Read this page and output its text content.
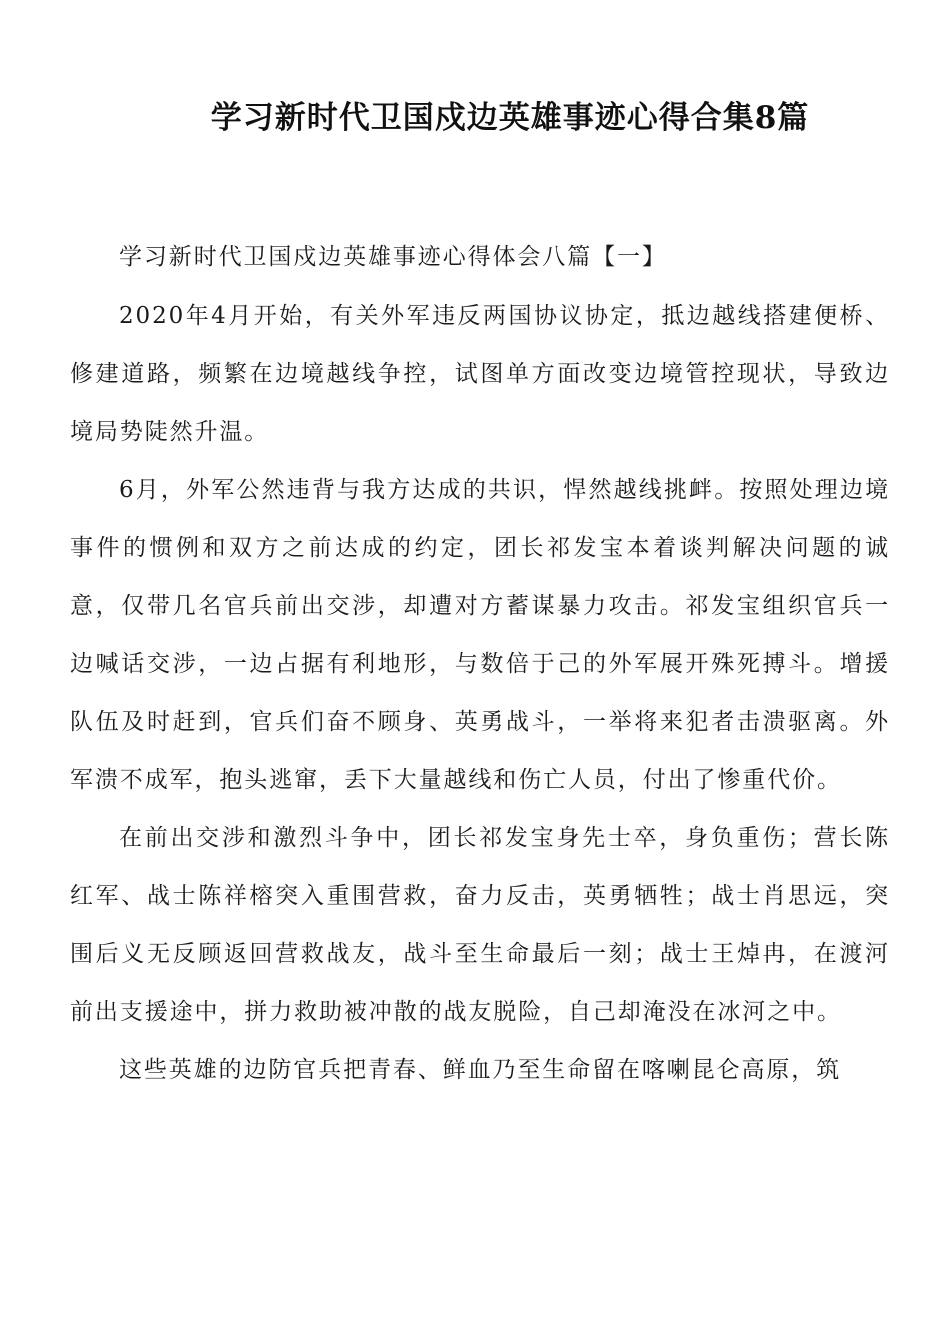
学习新时代卫国戍边英雄事迹心得合集8篇

学习新时代卫国戍边英雄事迹心得体会八篇【一】

2020年4月开始，有关外军违反两国协议协定，抵边越线搭建便桥、修建道路，频繁在边境越线争控，试图单方面改变边境管控现状，导致边境局势陡然升温。

6月，外军公然违背与我方达成的共识，悍然越线挑衅。按照处理边境事件的惯例和双方之前达成的约定，团长祁发宝本着谈判解决问题的诚意，仅带几名官兵前出交涉，却遭对方蓄谋暴力攻击。祁发宝组织官兵一边喊话交涉，一边占据有利地形，与数倍于己的外军展开殊死搏斗。增援队伍及时赶到，官兵们奋不顾身、英勇战斗，一举将来犯者击溃驱离。外军溃不成军，抱头逃窜，丢下大量越线和伤亡人员，付出了惨重代价。

在前出交涉和激烈斗争中，团长祁发宝身先士卒，身负重伤；营长陈红军、战士陈祥榕突入重围营救，奋力反击，英勇牺牲；战士肖思远，突围后义无反顾返回营救战友，战斗至生命最后一刻；战士王焯冉，在渡河前出支援途中，拼力救助被冲散的战友脱险，自己却淹没在冰河之中。

这些英雄的边防官兵把青春、鲜血乃至生命留在喀喇昆仑高原，筑
